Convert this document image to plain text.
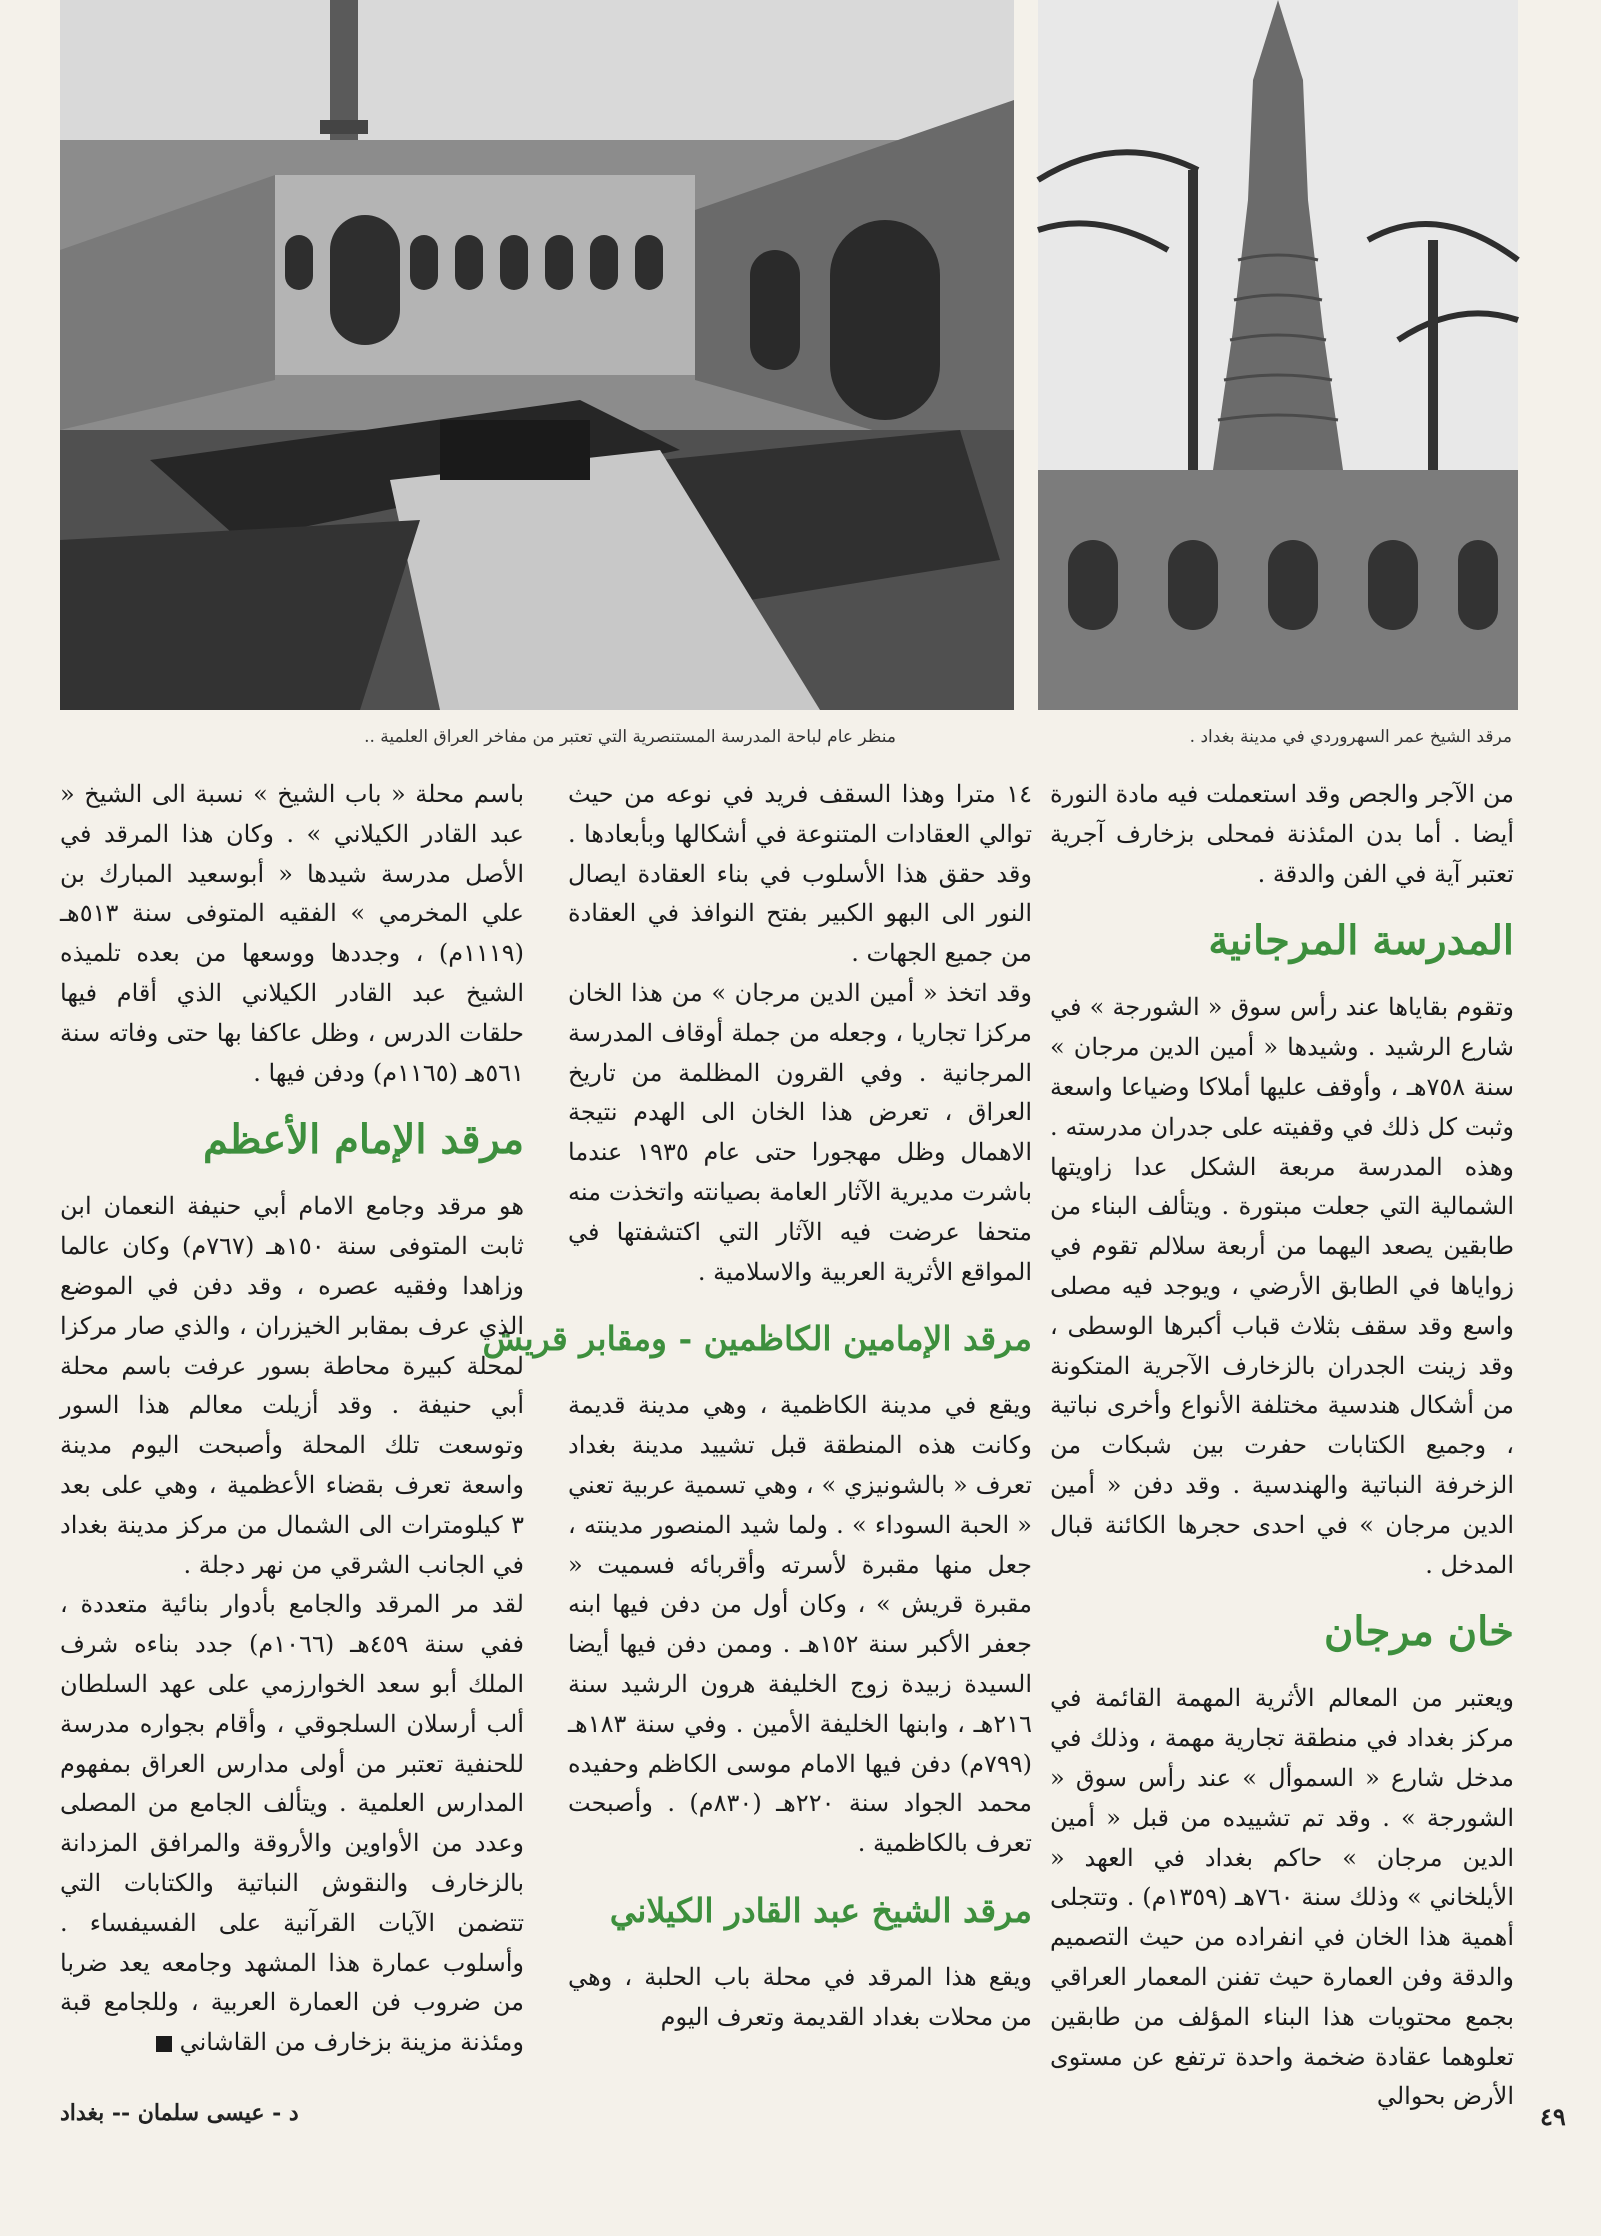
منظر عام لباحة المدرسة المستنصرية التي تعتبر من مفاخر العراق العلمية ..	مرقد الشيخ عمر السهروردي في مدينة بغداد .

من الآجر والجص وقد استعملت فيه مادة النورة أيضا . أما بدن المئذنة فمحلى بزخارف آجرية تعتبر آية في الفن والدقة .

المدرسة المرجانية

وتقوم بقاياها عند رأس سوق « الشورجة » في شارع الرشيد . وشيدها « أمين الدين مرجان » سنة ٧٥٨هـ ، وأوقف عليها أملاكا وضياعا واسعة وثبت كل ذلك في وقفيته على جدران مدرسته . وهذه المدرسة مربعة الشكل عدا زاويتها الشمالية التي جعلت مبتورة . ويتألف البناء من طابقين يصعد اليهما من أربعة سلالم تقوم في زواياها في الطابق الأرضي ، ويوجد فيه مصلى واسع وقد سقف بثلاث قباب أكبرها الوسطى ، وقد زينت الجدران بالزخارف الآجرية المتكونة من أشكال هندسية مختلفة الأنواع وأخرى نباتية ، وجميع الكتابات حفرت بين شبكات من الزخرفة النباتية والهندسية . وقد دفن « أمين الدين مرجان » في احدى حجرها الكائنة قبال المدخل .

خان مرجان

ويعتبر من المعالم الأثرية المهمة القائمة في مركز بغداد في منطقة تجارية مهمة ، وذلك في مدخل شارع « السموأل » عند رأس سوق « الشورجة » . وقد تم تشييده من قبل « أمين الدين مرجان » حاكم بغداد في العهد « الأيلخاني » وذلك سنة ٧٦٠هـ (١٣٥٩م) . وتتجلى أهمية هذا الخان في انفراده من حيث التصميم والدقة وفن العمارة حيث تفنن المعمار العراقي بجمع محتويات هذا البناء المؤلف من طابقين تعلوهما عقادة ضخمة واحدة ترتفع عن مستوى الأرض بحوالي

١٤ مترا وهذا السقف فريد في نوعه من حيث توالي العقادات المتنوعة في أشكالها وبأبعادها . وقد حقق هذا الأسلوب في بناء العقادة ايصال النور الى البهو الكبير بفتح النوافذ في العقادة من جميع الجهات .

وقد اتخذ « أمين الدين مرجان » من هذا الخان مركزا تجاريا ، وجعله من جملة أوقاف المدرسة المرجانية . وفي القرون المظلمة من تاريخ العراق ، تعرض هذا الخان الى الهدم نتيجة الاهمال وظل مهجورا حتى عام ١٩٣٥ عندما باشرت مديرية الآثار العامة بصيانته واتخذت منه متحفا عرضت فيه الآثار التي اكتشفتها في المواقع الأثرية العربية والاسلامية .

مرقد الإمامين الكاظمين - ومقابر قريش

ويقع في مدينة الكاظمية ، وهي مدينة قديمة وكانت هذه المنطقة قبل تشييد مدينة بغداد تعرف « بالشونيزي » ، وهي تسمية عربية تعني « الحبة السوداء » . ولما شيد المنصور مدينته ، جعل منها مقبرة لأسرته وأقربائه فسميت « مقبرة قريش » ، وكان أول من دفن فيها ابنه جعفر الأكبر سنة ١٥٢هـ . وممن دفن فيها أيضا السيدة زبيدة زوج الخليفة هرون الرشيد سنة ٢١٦هـ ، وابنها الخليفة الأمين . وفي سنة ١٨٣هـ (٧٩٩م) دفن فيها الامام موسى الكاظم وحفيده محمد الجواد سنة ٢٢٠هـ (٨٣٠م) . وأصبحت تعرف بالكاظمية .

مرقد الشيخ عبد القادر الكيلاني

ويقع هذا المرقد في محلة باب الحلبة ، وهي من محلات بغداد القديمة وتعرف اليوم

باسم محلة « باب الشيخ » نسبة الى الشيخ « عبد القادر الكيلاني » . وكان هذا المرقد في الأصل مدرسة شيدها « أبوسعيد المبارك بن علي المخرمي » الفقيه المتوفى سنة ٥١٣هـ (١١١٩م) ، وجددها ووسعها من بعده تلميذه الشيخ عبد القادر الكيلاني الذي أقام فيها حلقات الدرس ، وظل عاكفا بها حتى وفاته سنة ٥٦١هـ (١١٦٥م) ودفن فيها .

مرقد الإمام الأعظم

هو مرقد وجامع الامام أبي حنيفة النعمان ابن ثابت المتوفى سنة ١٥٠هـ (٧٦٧م) وكان عالما وزاهدا وفقيه عصره ، وقد دفن في الموضع الذي عرف بمقابر الخيزران ، والذي صار مركزا لمحلة كبيرة محاطة بسور عرفت باسم محلة أبي حنيفة . وقد أزيلت معالم هذا السور وتوسعت تلك المحلة وأصبحت اليوم مدينة واسعة تعرف بقضاء الأعظمية ، وهي على بعد ٣ كيلومترات الى الشمال من مركز مدينة بغداد في الجانب الشرقي من نهر دجلة .

لقد مر المرقد والجامع بأدوار بنائية متعددة ، ففي سنة ٤٥٩هـ (١٠٦٦م) جدد بناءه شرف الملك أبو سعد الخوارزمي على عهد السلطان ألب أرسلان السلجوقي ، وأقام بجواره مدرسة للحنفية تعتبر من أولى مدارس العراق بمفهوم المدارس العلمية . ويتألف الجامع من المصلى وعدد من الأواوين والأروقة والمرافق المزدانة بالزخارف والنقوش النباتية والكتابات التي تتضمن الآيات القرآنية على الفسيفساء . وأسلوب عمارة هذا المشهد وجامعه يعد ضربا من ضروب فن العمارة العربية ، وللجامع قبة ومئذنة مزينة بزخارف من القاشاني

د - عيسى سلمان -- بغداد	٤٩
